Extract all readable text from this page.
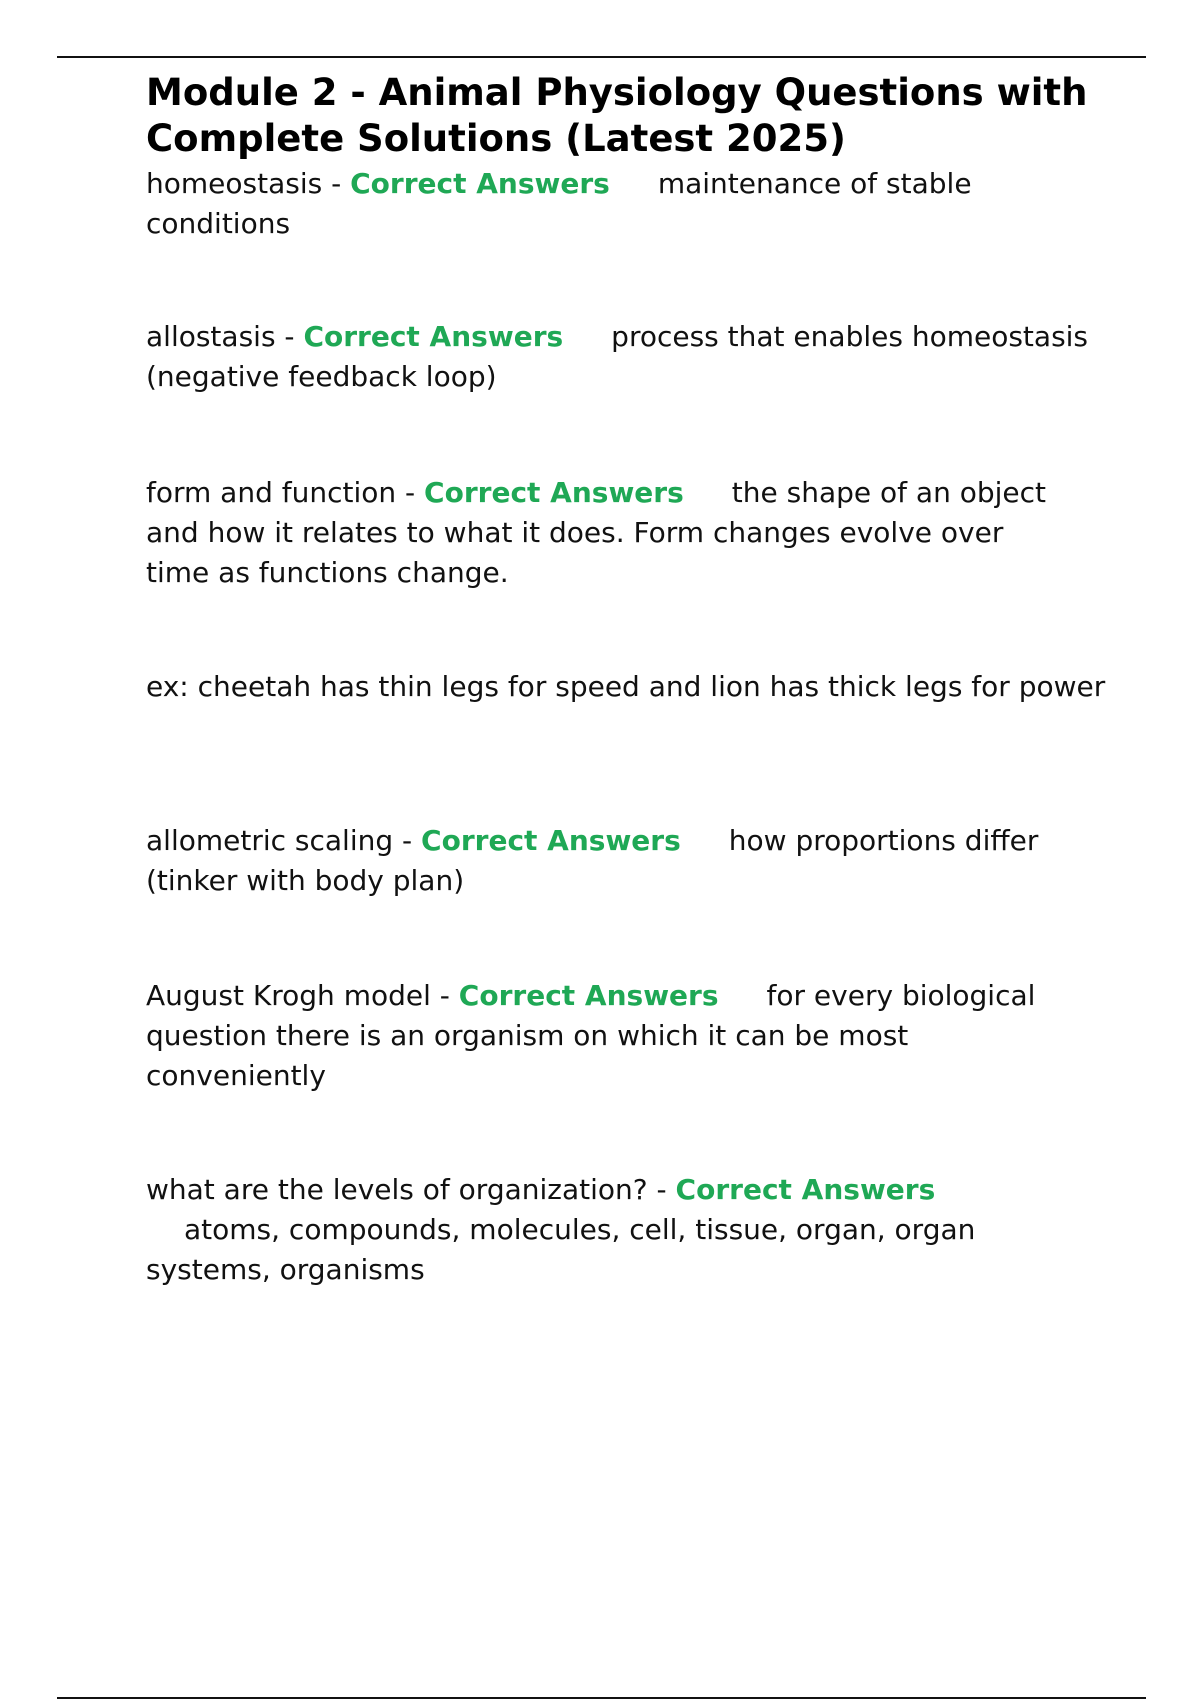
Module 2 - Animal Physiology Questions with Complete Solutions (Latest 2025)

homeostasis - Correct Answers maintenance of stable conditions

allostasis - Correct Answers process that enables homeostasis (negative feedback loop)

form and function - Correct Answers the shape of an object and how it relates to what it does. Form changes evolve over time as functions change.

ex: cheetah has thin legs for speed and lion has thick legs for power

allometric scaling - Correct Answers how proportions differ (tinker with body plan)

August Krogh model - Correct Answers for every biological question there is an organism on which it can be most conveniently

what are the levels of organization? - Correct Answers
atoms, compounds, molecules, cell, tissue, organ, organ systems, organisms
